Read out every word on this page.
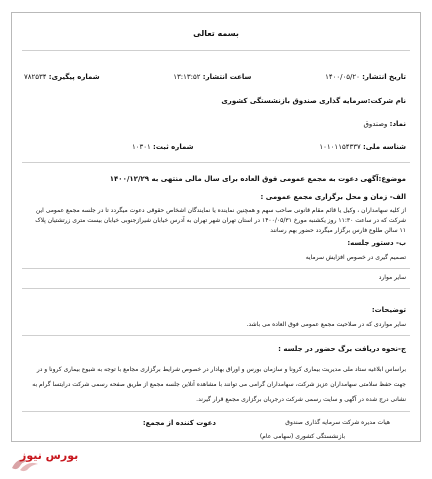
بسمه تعالی
تاریخ انتشار: ۱۴۰۰/۰۵/۲۰
ساعت انتشار: ۱۳:۱۳:۵۲
شماره پیگیری: ۷۸۲۵۳۴
نام شرکت:سرمایه گذاری صندوق بازنشستگی کشوری
نماد: وصندوق
شناسه ملی: ۱۰۱۰۱۱۵۴۳۳۷
شماره ثبت: ۱۰۳۰۱
موضوع:آگهی دعوت به مجمع عمومی فوق العاده برای سال مالی منتهی به ۱۴۰۰/۱۲/۲۹
الف- زمان و محل برگزاری مجمع عمومی :
از کلیه سهامداران ، وکیل یا قائم مقام قانونی صاحب سهم و همچنین نماینده یا نمایندگان اشخاص حقوقی دعوت میگردد تا در جلسه مجمع عمومی این
شرکت که در ساعت ۱۱:۳۰ روز یکشنبه مورخ ۱۴۰۰/۰۵/۳۱ در استان تهران شهر تهران به آدرس خیابان شیرازجنوبی خیابان بیست متری زرتشتیان پلاک
۱۱ سالن طلوع فارس برگزار میگردد حضور بهم رسانند
ب- دستور جلسه:
تصمیم گیری در خصوص افزایش سرمایه
سایر موارد
توضیحات:
سایر مواردی که در صلاحیت مجمع عمومی فوق العاده می باشد.
ج-نحوه دریافت برگ حضور در جلسه :
براساس ابلاغیه ستاد ملی مدیریت بیماری کرونا و سازمان بورس و اوراق بهادار در خصوص شرایط برگزاری مجامع با توجه به شیوع بیماری کرونا و در
جهت حفظ سلامتی سهامداران عزیز شرکت، سهامداران گرامی می توانند با مشاهده آنلاین جلسه مجمع از طریق صفحه رسمی شرکت درایتسا گرام به
نشانی درج شده در آگهی و سایت رسمی شرکت درجریان برگزاری مجمع قرار گیرند.
دعوت کننده از مجمع:	هیات مدیره شرکت سرمایه گذاری صندوق
بازنشستگی کشوری (سهامی عام)
بورس نیوز
